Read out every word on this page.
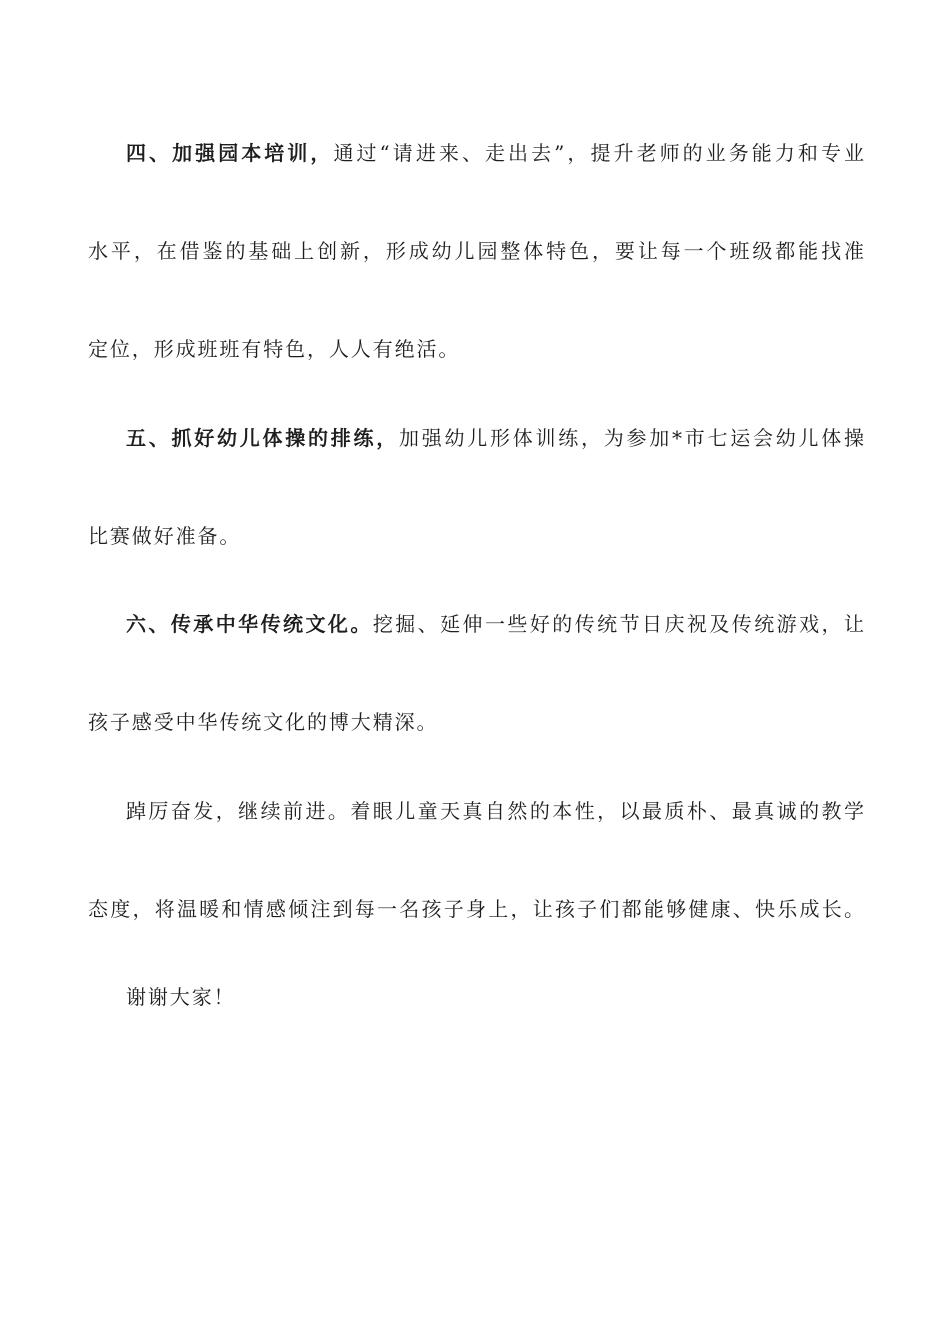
四、加强园本培训，通过“请进来、走出去”，提升老师的业务能力和专业
水平，在借鉴的基础上创新，形成幼儿园整体特色，要让每一个班级都能找准
定位，形成班班有特色，人人有绝活。
五、抓好幼儿体操的排练，加强幼儿形体训练，为参加*市七运会幼儿体操
比赛做好准备。
六、传承中华传统文化。挖掘、延伸一些好的传统节日庆祝及传统游戏，让
孩子感受中华传统文化的博大精深。
踔厉奋发，继续前进。着眼儿童天真自然的本性，以最质朴、最真诚的教学
态度，将温暖和情感倾注到每一名孩子身上，让孩子们都能够健康、快乐成长。
谢谢大家！
